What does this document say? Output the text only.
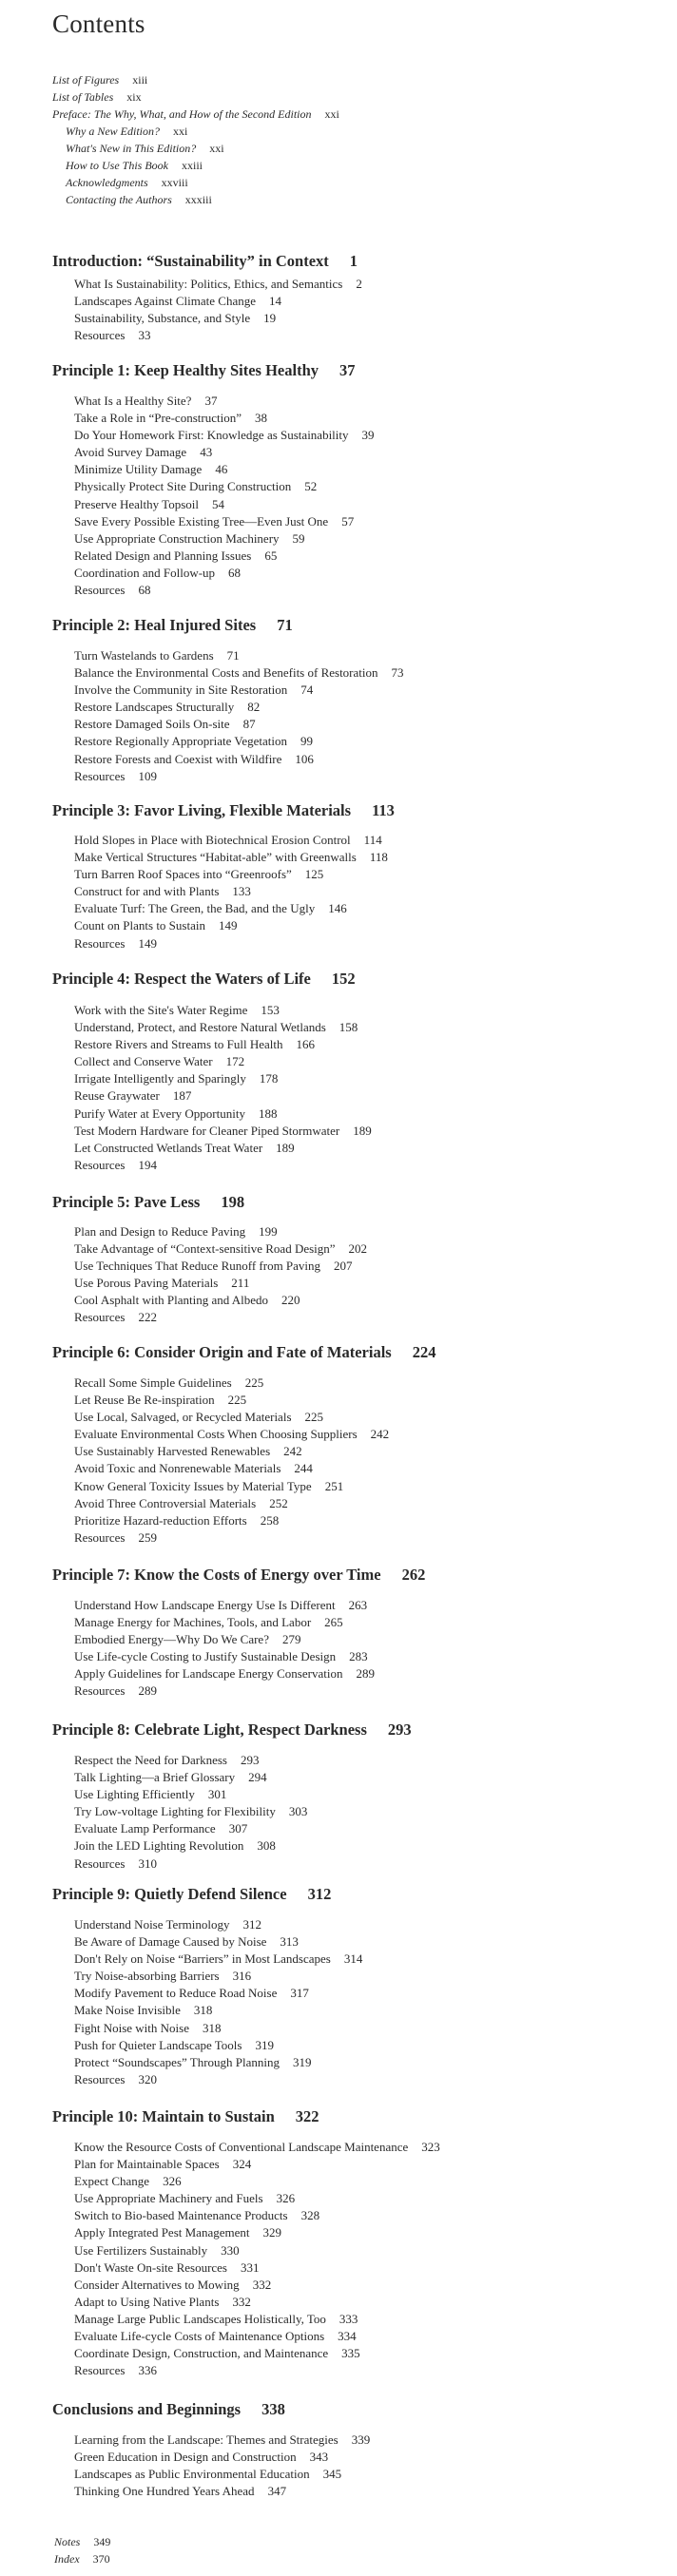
Contents
List of Figures xiii
List of Tables xix
Preface: The Why, What, and How of the Second Edition xxi
Why a New Edition? xxi
What's New in This Edition? xxi
How to Use This Book xxiii
Acknowledgments xxviii
Contacting the Authors xxxiii
Introduction: “Sustainability” in Context 1
What Is Sustainability: Politics, Ethics, and Semantics 2
Landscapes Against Climate Change 14
Sustainability, Substance, and Style 19
Resources 33
Principle 1: Keep Healthy Sites Healthy 37
What Is a Healthy Site? 37
Take a Role in “Pre-construction” 38
Do Your Homework First: Knowledge as Sustainability 39
Avoid Survey Damage 43
Minimize Utility Damage 46
Physically Protect Site During Construction 52
Preserve Healthy Topsoil 54
Save Every Possible Existing Tree—Even Just One 57
Use Appropriate Construction Machinery 59
Related Design and Planning Issues 65
Coordination and Follow-up 68
Resources 68
Principle 2: Heal Injured Sites 71
Turn Wastelands to Gardens 71
Balance the Environmental Costs and Benefits of Restoration 73
Involve the Community in Site Restoration 74
Restore Landscapes Structurally 82
Restore Damaged Soils On-site 87
Restore Regionally Appropriate Vegetation 99
Restore Forests and Coexist with Wildfire 106
Resources 109
Principle 3: Favor Living, Flexible Materials 113
Hold Slopes in Place with Biotechnical Erosion Control 114
Make Vertical Structures “Habitat-able” with Greenwalls 118
Turn Barren Roof Spaces into “Greenroofs” 125
Construct for and with Plants 133
Evaluate Turf: The Green, the Bad, and the Ugly 146
Count on Plants to Sustain 149
Resources 149
Principle 4: Respect the Waters of Life 152
Work with the Site's Water Regime 153
Understand, Protect, and Restore Natural Wetlands 158
Restore Rivers and Streams to Full Health 166
Collect and Conserve Water 172
Irrigate Intelligently and Sparingly 178
Reuse Graywater 187
Purify Water at Every Opportunity 188
Test Modern Hardware for Cleaner Piped Stormwater 189
Let Constructed Wetlands Treat Water 189
Resources 194
Principle 5: Pave Less 198
Plan and Design to Reduce Paving 199
Take Advantage of “Context-sensitive Road Design” 202
Use Techniques That Reduce Runoff from Paving 207
Use Porous Paving Materials 211
Cool Asphalt with Planting and Albedo 220
Resources 222
Principle 6: Consider Origin and Fate of Materials 224
Recall Some Simple Guidelines 225
Let Reuse Be Re-inspiration 225
Use Local, Salvaged, or Recycled Materials 225
Evaluate Environmental Costs When Choosing Suppliers 242
Use Sustainably Harvested Renewables 242
Avoid Toxic and Nonrenewable Materials 244
Know General Toxicity Issues by Material Type 251
Avoid Three Controversial Materials 252
Prioritize Hazard-reduction Efforts 258
Resources 259
Principle 7: Know the Costs of Energy over Time 262
Understand How Landscape Energy Use Is Different 263
Manage Energy for Machines, Tools, and Labor 265
Embodied Energy—Why Do We Care? 279
Use Life-cycle Costing to Justify Sustainable Design 283
Apply Guidelines for Landscape Energy Conservation 289
Resources 289
Principle 8: Celebrate Light, Respect Darkness 293
Respect the Need for Darkness 293
Talk Lighting—a Brief Glossary 294
Use Lighting Efficiently 301
Try Low-voltage Lighting for Flexibility 303
Evaluate Lamp Performance 307
Join the LED Lighting Revolution 308
Resources 310
Principle 9: Quietly Defend Silence 312
Understand Noise Terminology 312
Be Aware of Damage Caused by Noise 313
Don't Rely on Noise “Barriers” in Most Landscapes 314
Try Noise-absorbing Barriers 316
Modify Pavement to Reduce Road Noise 317
Make Noise Invisible 318
Fight Noise with Noise 318
Push for Quieter Landscape Tools 319
Protect “Soundscapes” Through Planning 319
Resources 320
Principle 10: Maintain to Sustain 322
Know the Resource Costs of Conventional Landscape Maintenance 323
Plan for Maintainable Spaces 324
Expect Change 326
Use Appropriate Machinery and Fuels 326
Switch to Bio-based Maintenance Products 328
Apply Integrated Pest Management 329
Use Fertilizers Sustainably 330
Don't Waste On-site Resources 331
Consider Alternatives to Mowing 332
Adapt to Using Native Plants 332
Manage Large Public Landscapes Holistically, Too 333
Evaluate Life-cycle Costs of Maintenance Options 334
Coordinate Design, Construction, and Maintenance 335
Resources 336
Conclusions and Beginnings 338
Learning from the Landscape: Themes and Strategies 339
Green Education in Design and Construction 343
Landscapes as Public Environmental Education 345
Thinking One Hundred Years Ahead 347
Notes 349
Index 370
